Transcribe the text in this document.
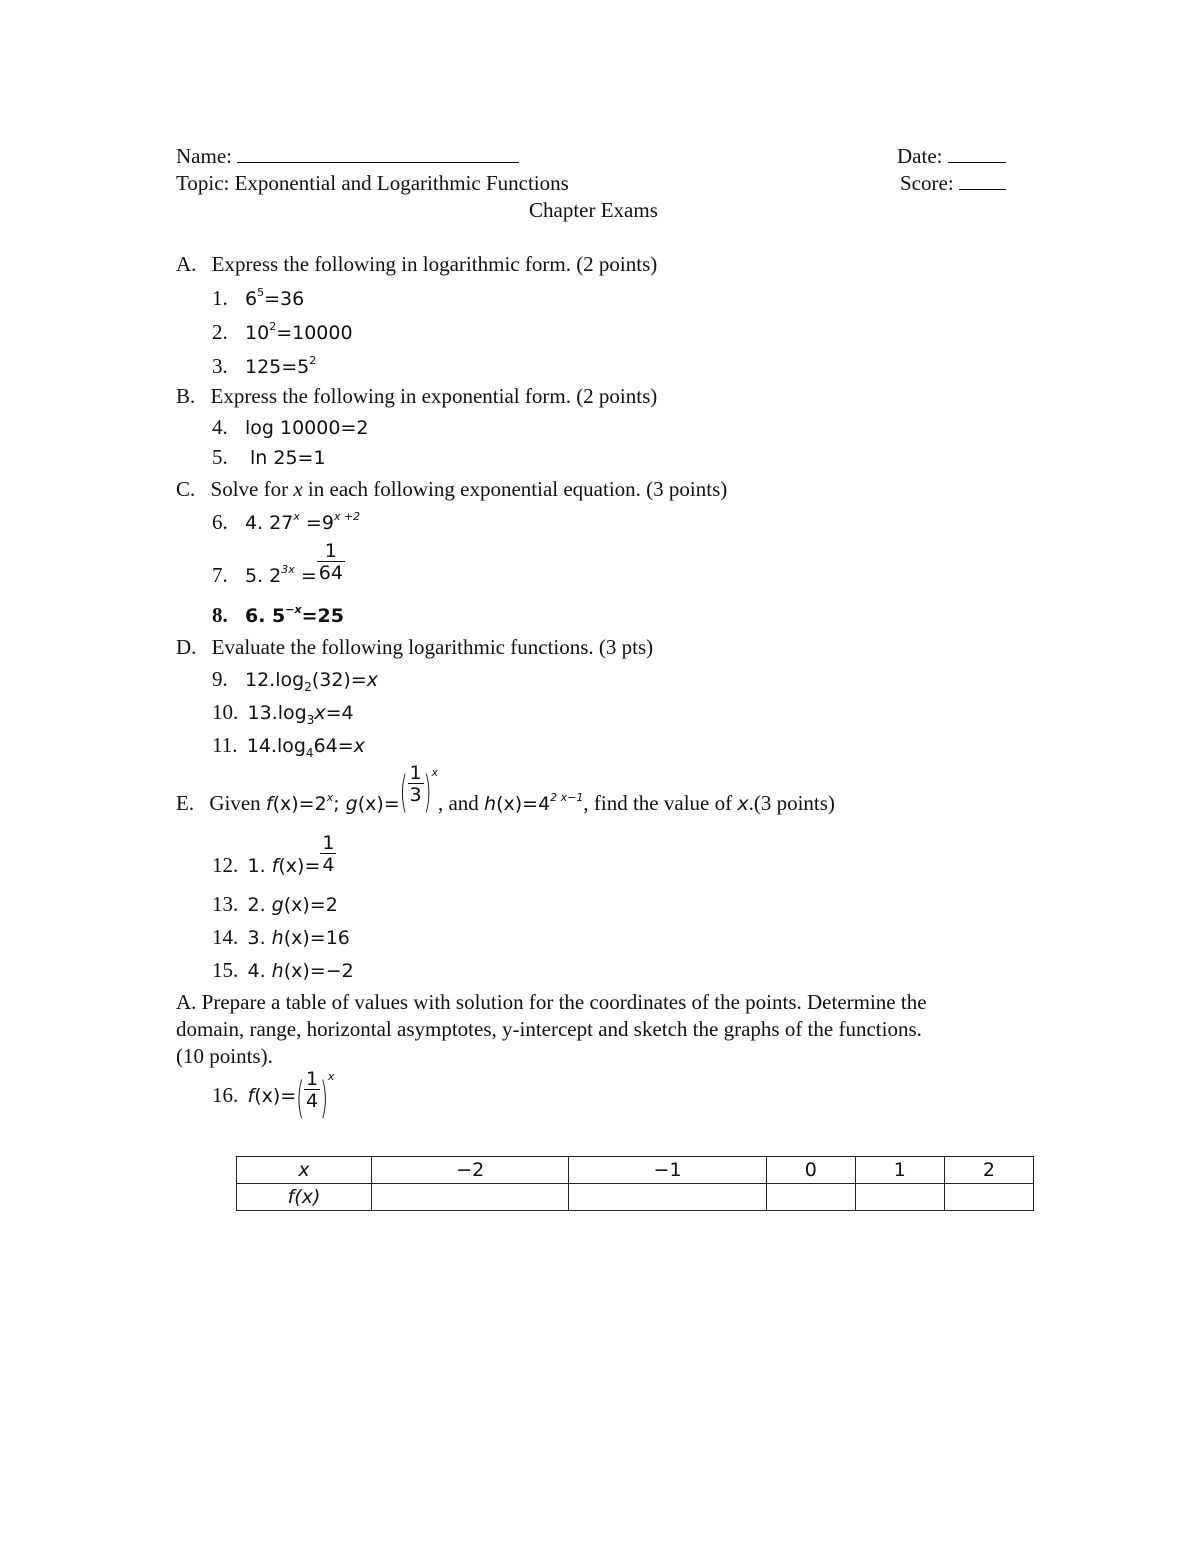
Name:	Date:
Topic: Exponential and Logarithmic Functions	Score:
Chapter Exams
A. Express the following in logarithmic form. (2 points)
1. $6^5=36$
2. $10^2=10000$
3. $125=5^2$
B. Express the following in exponential form. (2 points)
4. log 10000=2
5. ln 25=1
C. Solve for x in each following exponential equation. (3 points)
6. 4. $27^x =9^{x +2}$
7. 5. $2^{3x} = \frac{1}{64}$
8. 6. $5^{-x}=25$
D. Evaluate the following logarithmic functions. (3 pts)
9. $12.\log_2(32)=x$
10. $13.\log_3x=4$
11. $14.\log_464=x$
E. Given $f(x)=2^x$; $g(x)=( \frac{1}{3} )^x$, and $h(x)=4^{2 x-1}$, find the value of x.(3 points)
12. 1. $f(x)= \frac{1}{4}$
13. 2. g(x)=2
14. 3. h(x)=16
15. 4. h(x)=−2
A. Prepare a table of values with solution for the coordinates of the points. Determine the
domain, range, horizontal asymptotes, y-intercept and sketch the graphs of the functions.
(10 points).
16. $f(x)=( \frac{1}{4} )^x$
x	−2	−1	0	1	2
f(x)					
